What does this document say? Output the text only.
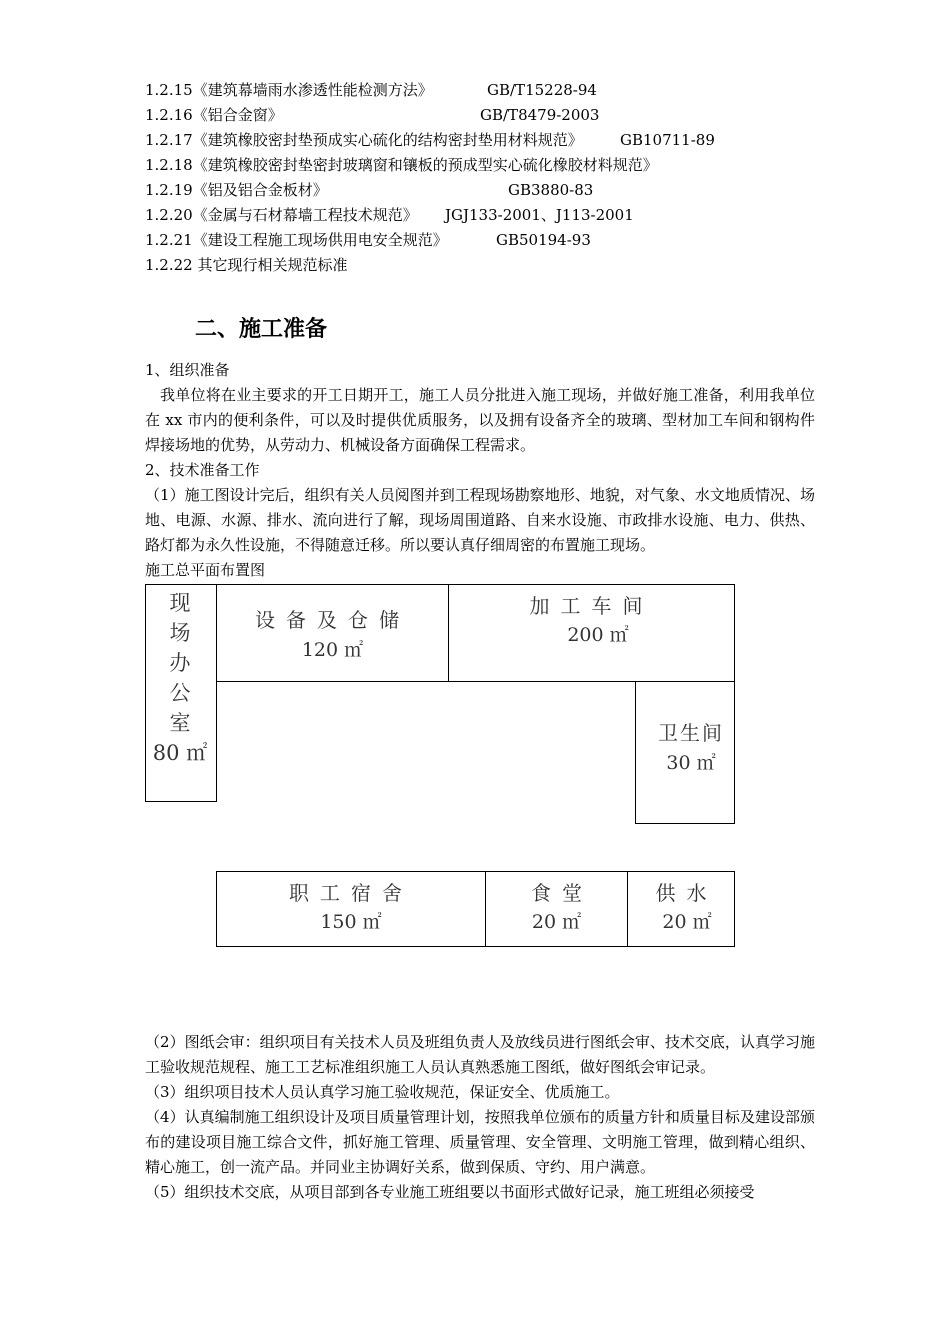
1.2.15《建筑幕墙雨水渗透性能检测方法》	GB/T15228-94
1.2.16《铝合金窗》	GB/T8479-2003
1.2.17《建筑橡胶密封垫预成实心硫化的结构密封垫用材料规范》 GB10711-89
1.2.18《建筑橡胶密封垫密封玻璃窗和镶板的预成型实心硫化橡胶材料规范》
1.2.19《铝及铝合金板材》	GB3880-83
1.2.20《金属与石材幕墙工程技术规范》 JGJ133-2001、J113-2001
1.2.21《建设工程施工现场供用电安全规范》	GB50194-93
1.2.22 其它现行相关规范标准
二、施工准备
1、组织准备
我单位将在业主要求的开工日期开工，施工人员分批进入施工现场，并做好施工准备，利用我单位在 xx 市内的便利条件，可以及时提供优质服务，以及拥有设备齐全的玻璃、型材加工车间和钢构件焊接场地的优势，从劳动力、机械设备方面确保工程需求。
2、技术准备工作
（1）施工图设计完后，组织有关人员阅图并到工程现场勘察地形、地貌，对气象、水文地质情况、场地、电源、水源、排水、流向进行了解，现场周围道路、自来水设施、市政排水设施、电力、供热、路灯都为永久性设施，不得随意迁移。所以要认真仔细周密的布置施工现场。
施工总平面布置图
现
场
办
公
室
80 ㎡
设备及仓储
120 ㎡
加工车间
200 ㎡
卫生间
30 ㎡
职工宿舍
150 ㎡
食堂
20 ㎡
供水
20 ㎡
（2）图纸会审：组织项目有关技术人员及班组负责人及放线员进行图纸会审、技术交底，认真学习施工验收规范规程、施工工艺标准组织施工人员认真熟悉施工图纸，做好图纸会审记录。
（3）组织项目技术人员认真学习施工验收规范，保证安全、优质施工。
（4）认真编制施工组织设计及项目质量管理计划，按照我单位颁布的质量方针和质量目标及建设部颁布的建设项目施工综合文件，抓好施工管理、质量管理、安全管理、文明施工管理，做到精心组织、精心施工，创一流产品。并同业主协调好关系，做到保质、守约、用户满意。
（5）组织技术交底，从项目部到各专业施工班组要以书面形式做好记录，施工班组必须接受
